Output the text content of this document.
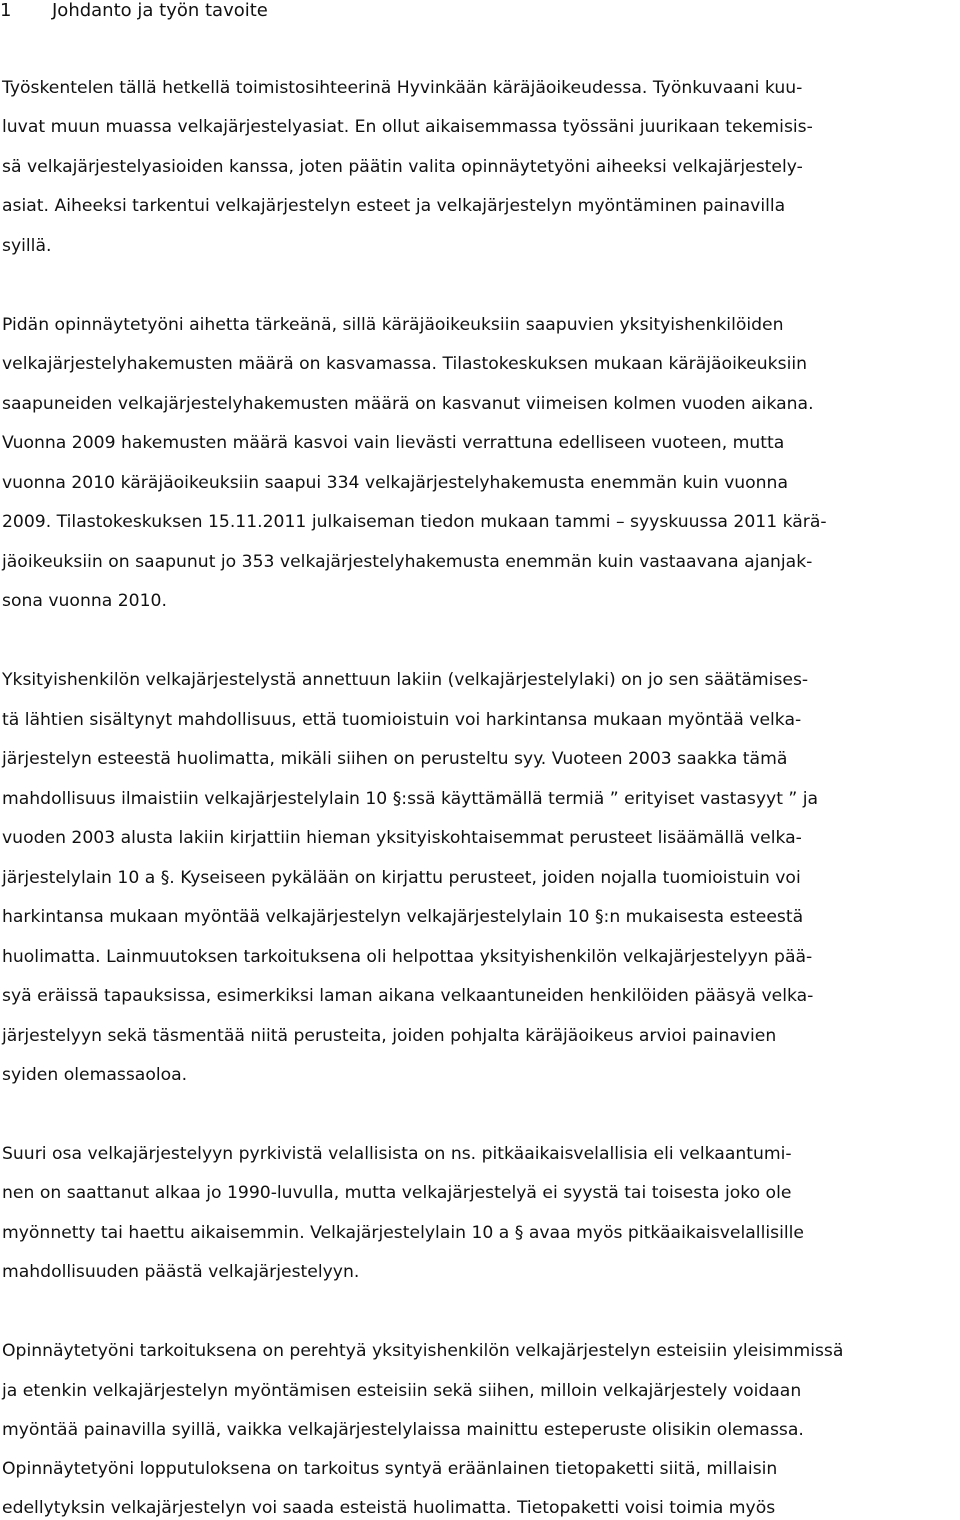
1 Johdanto ja työn tavoite
Työskentelen tällä hetkellä toimistosihteerinä Hyvinkään käräjäoikeudessa. Työnkuvaani kuu-
luvat muun muassa velkajärjestelyasiat. En ollut aikaisemmassa työssäni juurikaan tekemisis-
sä velkajärjestelyasioiden kanssa, joten päätin valita opinnäytetyöni aiheeksi velkajärjestely-
asiat. Aiheeksi tarkentui velkajärjestelyn esteet ja velkajärjestelyn myöntäminen painavilla
syillä.
Pidän opinnäytetyöni aihetta tärkeänä, sillä käräjäoikeuksiin saapuvien yksityishenkilöiden
velkajärjestelyhakemusten määrä on kasvamassa. Tilastokeskuksen mukaan käräjäoikeuksiin
saapuneiden velkajärjestelyhakemusten määrä on kasvanut viimeisen kolmen vuoden aikana.
Vuonna 2009 hakemusten määrä kasvoi vain lievästi verrattuna edelliseen vuoteen, mutta
vuonna 2010 käräjäoikeuksiin saapui 334 velkajärjestelyhakemusta enemmän kuin vuonna
2009. Tilastokeskuksen 15.11.2011 julkaiseman tiedon mukaan tammi – syyskuussa 2011 kärä-
jäoikeuksiin on saapunut jo 353 velkajärjestelyhakemusta enemmän kuin vastaavana ajanjak-
sona vuonna 2010.
Yksityishenkilön velkajärjestelystä annettuun lakiin (velkajärjestelylaki) on jo sen säätämises-
tä lähtien sisältynyt mahdollisuus, että tuomioistuin voi harkintansa mukaan myöntää velka-
järjestelyn esteestä huolimatta, mikäli siihen on perusteltu syy. Vuoteen 2003 saakka tämä
mahdollisuus ilmaistiin velkajärjestelylain 10 §:ssä käyttämällä termiä ” erityiset vastasyyt ” ja
vuoden 2003 alusta lakiin kirjattiin hieman yksityiskohtaisemmat perusteet lisäämällä velka-
järjestelylain 10 a §. Kyseiseen pykälään on kirjattu perusteet, joiden nojalla tuomioistuin voi
harkintansa mukaan myöntää velkajärjestelyn velkajärjestelylain 10 §:n mukaisesta esteestä
huolimatta. Lainmuutoksen tarkoituksena oli helpottaa yksityishenkilön velkajärjestelyyn pää-
syä eräissä tapauksissa, esimerkiksi laman aikana velkaantuneiden henkilöiden pääsyä velka-
järjestelyyn sekä täsmentää niitä perusteita, joiden pohjalta käräjäoikeus arvioi painavien
syiden olemassaoloa.
Suuri osa velkajärjestelyyn pyrkivistä velallisista on ns. pitkäaikaisvelallisia eli velkaantumi-
nen on saattanut alkaa jo 1990-luvulla, mutta velkajärjestelyä ei syystä tai toisesta joko ole
myönnetty tai haettu aikaisemmin. Velkajärjestelylain 10 a § avaa myös pitkäaikaisvelallisille
mahdollisuuden päästä velkajärjestelyyn.
Opinnäytetyöni tarkoituksena on perehtyä yksityishenkilön velkajärjestelyn esteisiin yleisimmissä
ja etenkin velkajärjestelyn myöntämisen esteisiin sekä siihen, milloin velkajärjestely voidaan
myöntää painavilla syillä, vaikka velkajärjestelylaissa mainittu esteperuste olisikin olemassa.
Opinnäytetyöni lopputuloksena on tarkoitus syntyä eräänlainen tietopaketti siitä, millaisin
edellytyksin velkajärjestelyn voi saada esteistä huolimatta. Tietopaketti voisi toimia myös
